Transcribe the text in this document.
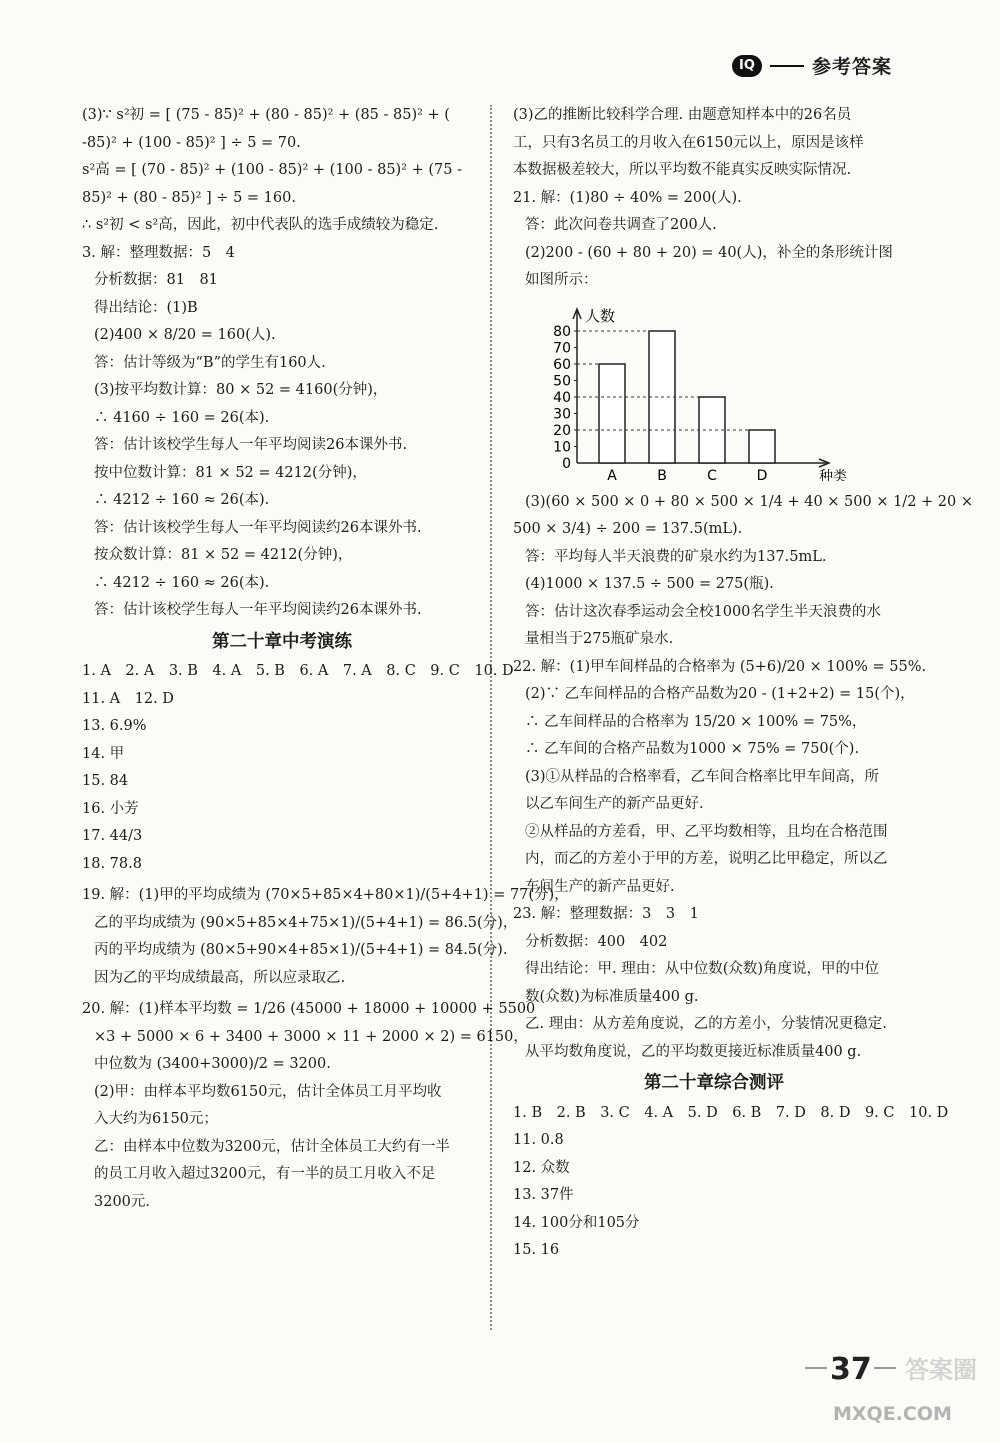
IQ	参考答案

(3)∵ s²初 = [ (75 - 85)² + (80 - 85)² + (85 - 85)² + (

-85)² + (100 - 85)² ] ÷ 5 = 70.

s²高 = [ (70 - 85)² + (100 - 85)² + (100 - 85)² + (75 -

85)² + (80 - 85)² ] ÷ 5 = 160.

∴ s²初 < s²高，因此，初中代表队的选手成绩较为稳定.

3. 解：整理数据：5　4

分析数据：81　81

得出结论：(1)B

(2)400 × 8/20 = 160(人).

答：估计等级为“B”的学生有160人.

(3)按平均数计算：80 × 52 = 4160(分钟)，

∴ 4160 ÷ 160 = 26(本).

答：估计该校学生每人一年平均阅读26本课外书.

按中位数计算：81 × 52 = 4212(分钟)，

∴ 4212 ÷ 160 ≈ 26(本).

答：估计该校学生每人一年平均阅读约26本课外书.

按众数计算：81 × 52 = 4212(分钟)，

∴ 4212 ÷ 160 ≈ 26(本).

答：估计该校学生每人一年平均阅读约26本课外书.

第二十章中考演练

1. A　2. A　3. B　4. A　5. B　6. A　7. A　8. C　9. C　10. D

11. A　12. D

13. 6.9%

14. 甲

15. 84

16. 小芳

17. 44/3

18. 78.8

19. 解：(1)甲的平均成绩为 (70×5+85×4+80×1)/(5+4+1) = 77(分)，

乙的平均成绩为 (90×5+85×4+75×1)/(5+4+1) = 86.5(分)，

丙的平均成绩为 (80×5+90×4+85×1)/(5+4+1) = 84.5(分).

因为乙的平均成绩最高，所以应录取乙.

20. 解：(1)样本平均数 = 1/26 (45000 + 18000 + 10000 + 5500

×3 + 5000 × 6 + 3400 + 3000 × 11 + 2000 × 2) = 6150，

中位数为 (3400+3000)/2 = 3200.

(2)甲：由样本平均数6150元，估计全体员工月平均收

入大约为6150元；

乙：由样本中位数为3200元，估计全体员工大约有一半

的员工月收入超过3200元，有一半的员工月收入不足

3200元.

(3)乙的推断比较科学合理. 由题意知样本中的26名员

工，只有3名员工的月收入在6150元以上，原因是该样

本数据极差较大，所以平均数不能真实反映实际情况.

21. 解：(1)80 ÷ 40% = 200(人).

答：此次问卷共调查了200人.

(2)200 - (60 + 80 + 20) = 40(人)，补全的条形统计图

如图所示：

人数
种类
0
10
20
30
40
50
60
70
80
A	B	C	D

(3)(60 × 500 × 0 + 80 × 500 × 1/4 + 40 × 500 × 1/2 + 20 ×

500 × 3/4) ÷ 200 = 137.5(mL).

答：平均每人半天浪费的矿泉水约为137.5mL.

(4)1000 × 137.5 ÷ 500 = 275(瓶).

答：估计这次春季运动会全校1000名学生半天浪费的水

量相当于275瓶矿泉水.

22. 解：(1)甲车间样品的合格率为 (5+6)/20 × 100% = 55%.

(2)∵ 乙车间样品的合格产品数为20 - (1+2+2) = 15(个)，

∴ 乙车间样品的合格率为 15/20 × 100% = 75%，

∴ 乙车间的合格产品数为1000 × 75% = 750(个).

(3)①从样品的合格率看，乙车间合格率比甲车间高，所

以乙车间生产的新产品更好.

②从样品的方差看，甲、乙平均数相等，且均在合格范围

内，而乙的方差小于甲的方差，说明乙比甲稳定，所以乙

车间生产的新产品更好.

23. 解：整理数据：3　3　1

分析数据：400　402

得出结论：甲. 理由：从中位数(众数)角度说，甲的中位

数(众数)为标准质量400 g.

乙. 理由：从方差角度说，乙的方差小，分装情况更稳定.

从平均数角度说，乙的平均数更接近标准质量400 g.

第二十章综合测评

1. B　2. B　3. C　4. A　5. D　6. B　7. D　8. D　9. C　10. D

11. 0.8

12. 众数

13. 37件

14. 100分和105分

15. 16

37 答案圈
MXQE.COM
